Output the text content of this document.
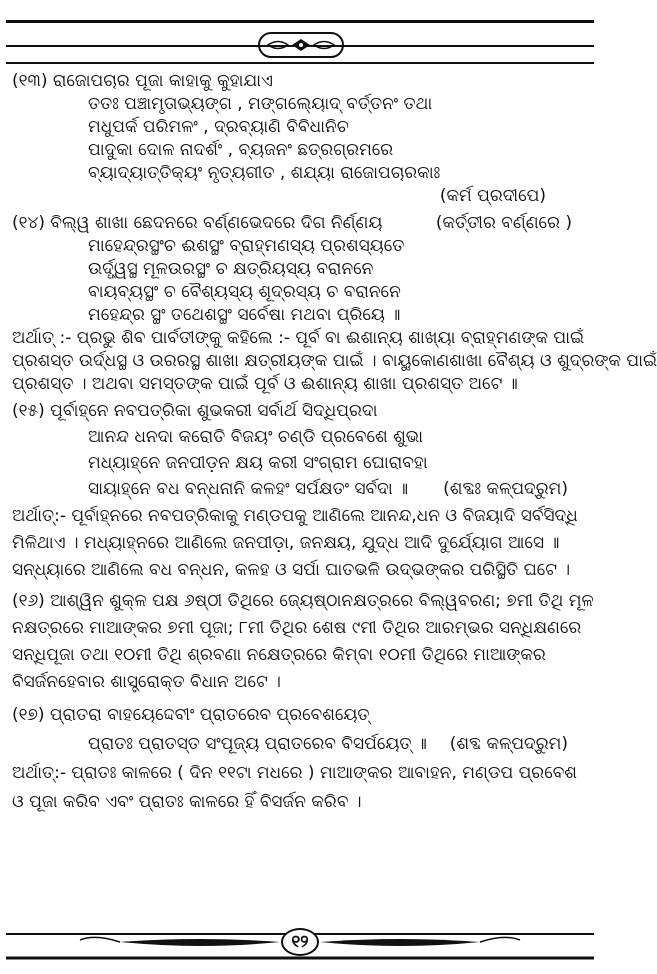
(୧୩) ରାଜୋପଚାର ପୂଜା କାହାକୁ କୁହାଯାଏ
ତତଃ ପଞ୍ଚାମୃତାଭ୍ୟଙ୍ଗ , ମଙ୍ଗଲ୍ୟୋଦ୍ ବର୍ତ୍ତନଂ ତଥା
ମଧୁପର୍କ ପରିମଳଂ , ଦ୍ରବ୍ୟାଣି ବିବିଧାନିଚ
ପାଦୁକା ଦୋଳ ନାଦର୍ଶଂ , ବ୍ୟଜନଂ ଛତ୍ରଗ୍ରମରେ
ବ୍ୟାଦ୍ୟାତ୍ତିକ୍ୟଂ ନୃତ୍ୟଗୀତ , ଶଯ୍ୟା ରାଜୋପଚାରକାଃ
(କର୍ମ ପ୍ରଦୀପେ)
(୧୪) ବିଲ୍ୱ ଶାଖା ଛେଦନରେ ବର୍ଣ୍ଣଭେଦରେ ଦିଗ ନିର୍ଣ୍ଣୟ	(କର୍ତ୍ତୀର ବର୍ଣ୍ଣରେ )
ମାହେନ୍ଦ୍ରସ୍ଥଂଚ ଈଶସ୍ଥଂ ବ୍ରାହ୍ମଣସ୍ୟ ପ୍ରଶସ୍ୟତେ
ଉର୍ଦ୍ଧ୍ୱସ୍ଥ ମୂଳଉରସ୍ଥଂ ଚ କ୍ଷତ୍ରିୟସ୍ୟ ବରାନନେ
ବାୟବ୍ୟସ୍ଥଂ ଚ ବୈଶ୍ୟସ୍ୟ ଶୂଦ୍ରସ୍ୟ ଚ ବରାନନେ
ମହେନ୍ଦ୍ର ସ୍ଥଂ ତଥେଶସ୍ଥଂ ସର୍ବେଷା ମଥବା ପ୍ରିୟେ ॥
ଅର୍ଥାତ୍ :- ପ୍ରଭୁ ଶିବ ପାର୍ବତୀଙ୍କୁ କହିଲେ :- ପୂର୍ବ ବା ଈଶାନ୍ୟ ଶାଖ୍ୟା ବ୍ରାହ୍ମଣଙ୍କ ପାଇଁ
ପ୍ରଶସ୍ତ ଉର୍ଦ୍ଧସ୍ଥ ଓ ଉରରସ୍ଥ ଶାଖା କ୍ଷତ୍ରୀୟଙ୍କ ପାଇଁ । ବାୟୁକୋଣଶାଖା ବୈଶ୍ୟ ଓ ଶୁଦ୍ରଙ୍କ ପାଇଁ
ପ୍ରଶସ୍ତ । ଅଥବା ସମସ୍ତଙ୍କ ପାଇଁ ପୂର୍ବ ଓ ଈଶାନ୍ୟ ଶାଖା ପ୍ରଶସ୍ତ ଅଟେ ॥
(୧୫) ପୂର୍ବାହ୍ନେ ନବପତ୍ରିକା ଶୁଭକରୀ ସର୍ବାର୍ଥ ସିଦ୍ଧିପ୍ରଦା
ଆନନ୍ଦ ଧନଦା କରୋତି ବିଜୟଂ ଚଣ୍ଡି ପ୍ରବେଶେ ଶୁଭା
ମଧ୍ୟାହ୍ନେ ଜନପୀଡ଼ନ କ୍ଷୟ କରୀ ସଂଗ୍ରାମ ଘୋରାବହା
ସାୟାହ୍ନେ ବଧ ବନ୍ଧନାନି କଳହଂ ସର୍ପକ୍ଷତଂ ସର୍ବଦା ॥ (ଶବ୍ଦଃ କଳ୍ପଦ୍ରୁମ)
ଅର୍ଥାତ୍:- ପୂର୍ବାହ୍ନରେ ନବପତ୍ରିକାକୁ ମଣ୍ଡପକୁ ଆଣିଲେ ଆନନ୍ଦ,ଧନ ଓ ବିଜୟାଦି ସର୍ବସିଦ୍ଧି
ମିଳିଥାଏ । ମଧ୍ୟାହ୍ନରେ ଆଣିଲେ ଜନପୀଡ଼ା, ଜନକ୍ଷୟ, ଯୁଦ୍ଧ ଆଦି ଦୁର୍ଯ୍ୟୋଗ ଆସେ ॥
ସନ୍ଧ୍ୟାରେ ଆଣିଲେ ବଧ ବନ୍ଧନ, କଳହ ଓ ସର୍ପା ଘାତଭଳି ଉଦ୍ଭଙ୍କର ପରିସ୍ଥିତି ଘଟେ ।
(୧୬) ଆଶ୍ୱିନ ଶୁକ୍ଳ ପକ୍ଷ ୬ଷ୍ଠୀ ତିଥିରେ ଜ୍ୟେଷ୍ଠାନକ୍ଷତ୍ରରେ ବିଲ୍ୱବରଣ; ୭ମୀ ତିଥି ମୂଳ
ନକ୍ଷତ୍ରରେ ମାଆଙ୍କର ୭ମୀ ପୂଜା; ୮ମୀ ତିଥିର ଶେଷ ୯ମୀ ତିଥିର ଆରମ୍ଭର ସନ୍ଧିକ୍ଷଣରେ
ସନ୍ଧିପୂଜା ତଥା ୧୦ମୀ ତିଥି ଶ୍ରବଣା ନକ୍ଷେତ୍ରରେ କିମ୍ବା ୧୦ମୀ ତିଥିରେ ମାଆଙ୍କର
ବିସର୍ଜନହେବାର ଶାସ୍ତ୍ରୋକ୍ତ ବିଧାନ ଅଟେ ।
(୧୭) ପ୍ରାତରା ବାହୟେଦ୍ଦେବୀଂ ପ୍ରାତରେବ ପ୍ରବେଶୟେତ୍
ପ୍ରାତଃ ପ୍ରାତସ୍ତ ସଂପୂଜ୍ୟ ପ୍ରାତରେବ ବିସର୍ପୟେତ୍ ॥ (ଶବ୍ଦ କଳ୍ପଦ୍ରୁମ)
ଅର୍ଥାତ୍:- ପ୍ରାତଃ କାଳରେ ( ଦିନ ୧୧ଟା ମଧରେ ) ମାଆଙ୍କର ଆବାହନ, ମଣ୍ଡପ ପ୍ରବେଶ
ଓ ପୂଜା କରିବ ଏବଂ ପ୍ରାତଃ କାଳରେ ହିଁ ବିସର୍ଜନ କରିବ ।
୧୨
